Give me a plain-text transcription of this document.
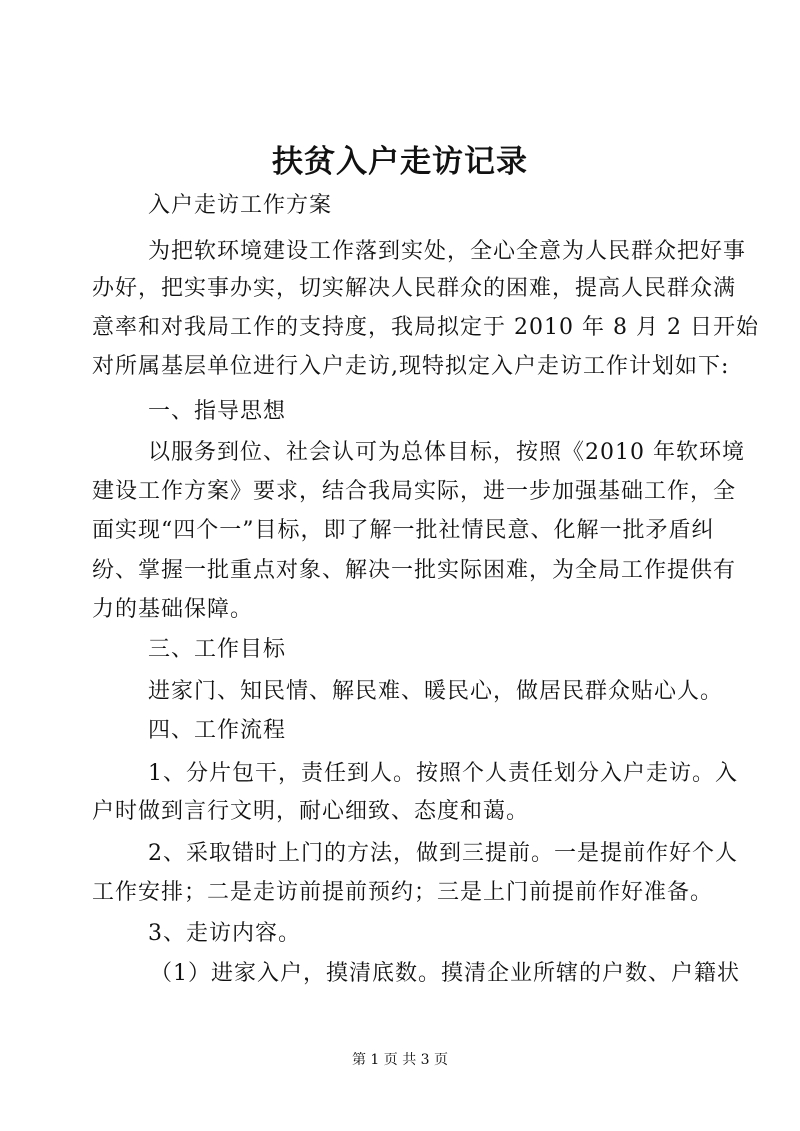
扶贫入户走访记录
入户走访工作方案
为把软环境建设工作落到实处，全心全意为人民群众把好事
办好，把实事办实，切实解决人民群众的困难，提高人民群众满
意率和对我局工作的支持度，我局拟定于 2010 年 8 月 2 日开始
对所属基层单位进行入户走访,现特拟定入户走访工作计划如下:
一、指导思想
以服务到位、社会认可为总体目标，按照《2010 年软环境
建设工作方案》要求，结合我局实际，进一步加强基础工作，全
面实现“四个一”目标，即了解一批社情民意、化解一批矛盾纠
纷、掌握一批重点对象、解决一批实际困难，为全局工作提供有
力的基础保障。
三、工作目标
进家门、知民情、解民难、暖民心，做居民群众贴心人。
四、工作流程
1、分片包干，责任到人。按照个人责任划分入户走访。入
户时做到言行文明，耐心细致、态度和蔼。
2、采取错时上门的方法，做到三提前。一是提前作好个人
工作安排；二是走访前提前预约；三是上门前提前作好准备。
3、走访内容。
（1）进家入户，摸清底数。摸清企业所辖的户数、户籍状
第 1 页 共 3 页
